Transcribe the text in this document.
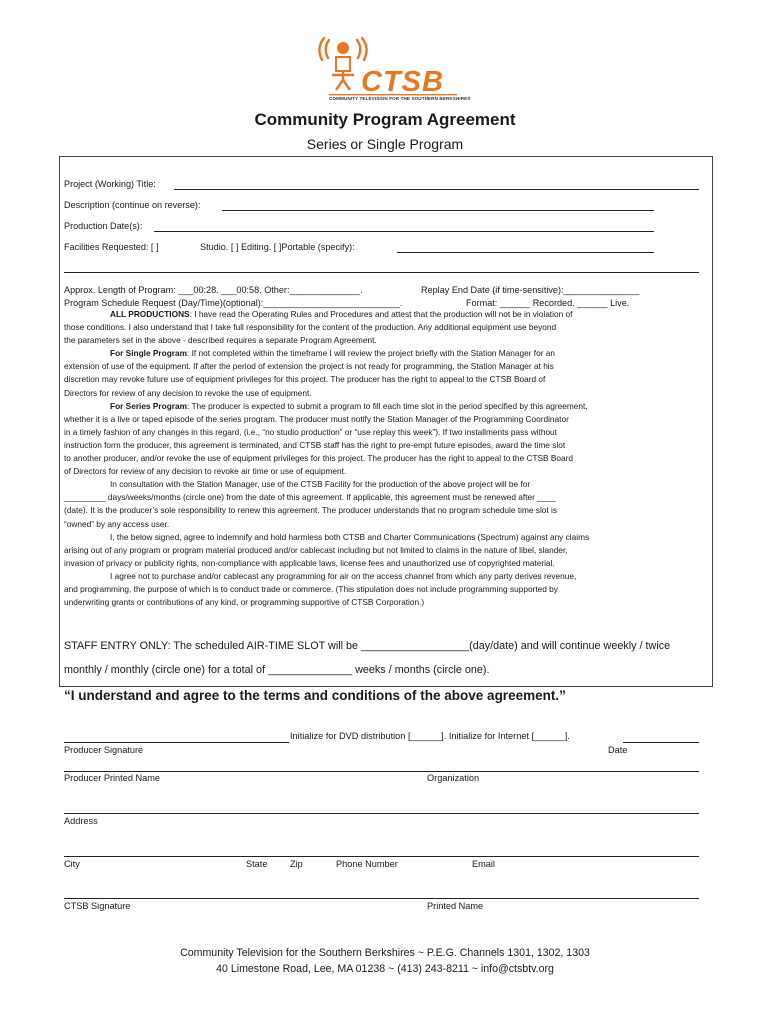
CTSB
COMMUNITY TELEVISION FOR THE SOUTHERN BERKSHIRES
Community Program Agreement
Series or Single Program
Project (Working) Title:
Description (continue on reverse):
Production Date(s):
Facilities Requested: [ ]	Studio. [ ] Editing. [ ]Portable (specify):
Approx. Length of Program: ___00:28. ___00:58. Other:______________.	Replay End Date (if time-sensitive):_______________
Program Schedule Request (Day/Time)(optional):___________________________.	Format: ______ Recorded. ______ Live.

ALL PRODUCTIONS: I have read the Operating Rules and Procedures and attest that the production will not be in violation of

those conditions. I also understand that I take full responsibility for the content of the production. Any additional equipment use beyond

the parameters set in the above - described requires a separate Program Agreement.

For Single Program: If not completed within the timeframe I will review the project briefly with the Station Manager for an

extension of use of the equipment. If after the period of extension the project is not ready for programming, the Station Manager at his

discretion may revoke future use of equipment privileges for this project. The producer has the right to appeal to the CTSB Board of

Directors for review of any decision to revoke the use of equipment.

For Series Program: The producer is expected to submit a program to fill each time slot in the period specified by this agreement,

whether it is a live or taped episode of the series program. The producer must notify the Station Manager of the Programming Coordinator

in a timely fashion of any changes in this regard, (i.e., “no studio production” or “use replay this week”). If two installments pass without

instruction form the producer, this agreement is terminated, and CTSB staff has the right to pre-empt future episodes, award the time slot

to another producer, and/or revoke the use of equipment privileges for this project. The producer has the right to appeal to the CTSB Board

of Directors for review of any decision to revoke air time or use of equipment.

In consultation with the Station Manager, use of the CTSB Facility for the production of the above project will be for

_________ days/weeks/months (circle one) from the date of this agreement. If applicable, this agreement must be renewed after ____

(date). It is the producer’s sole responsibility to renew this agreement. The producer understands that no program schedule time slot is

“owned” by any access user.

I, the below signed, agree to indemnify and hold harmless both CTSB and Charter Communications (Spectrum) against any claims

arising out of any program or program material produced and/or cablecast including but not limited to claims in the nature of libel, slander,

invasion of privacy or publicity rights, non-compliance with applicable laws, license fees and unauthorized use of copyrighted material.

I agree not to purchase and/or cablecast any programming for air on the access channel from which any party derives revenue,

and programming, the purpose of which is to conduct trade or commerce. (This stipulation does not include programming supported by

underwriting grants or contributions of any kind, or programming supportive of CTSB Corporation.)

STAFF ENTRY ONLY: The scheduled AIR-TIME SLOT will be __________________(day/date) and will continue weekly / twice
monthly / monthly (circle one) for a total of ______________ weeks / months (circle one).
“I understand and agree to the terms and conditions of the above agreement.”
Initialize for DVD distribution [______]. Initialize for Internet [______].
Producer Signature	Date
Producer Printed Name	Organization
Address
City	State Zip	Phone Number	Email
CTSB Signature	Printed Name
Community Television for the Southern Berkshires ~ P.E.G. Channels 1301, 1302, 1303
40 Limestone Road, Lee, MA 01238 ~ (413) 243-8211 ~ info@ctsbtv.org
